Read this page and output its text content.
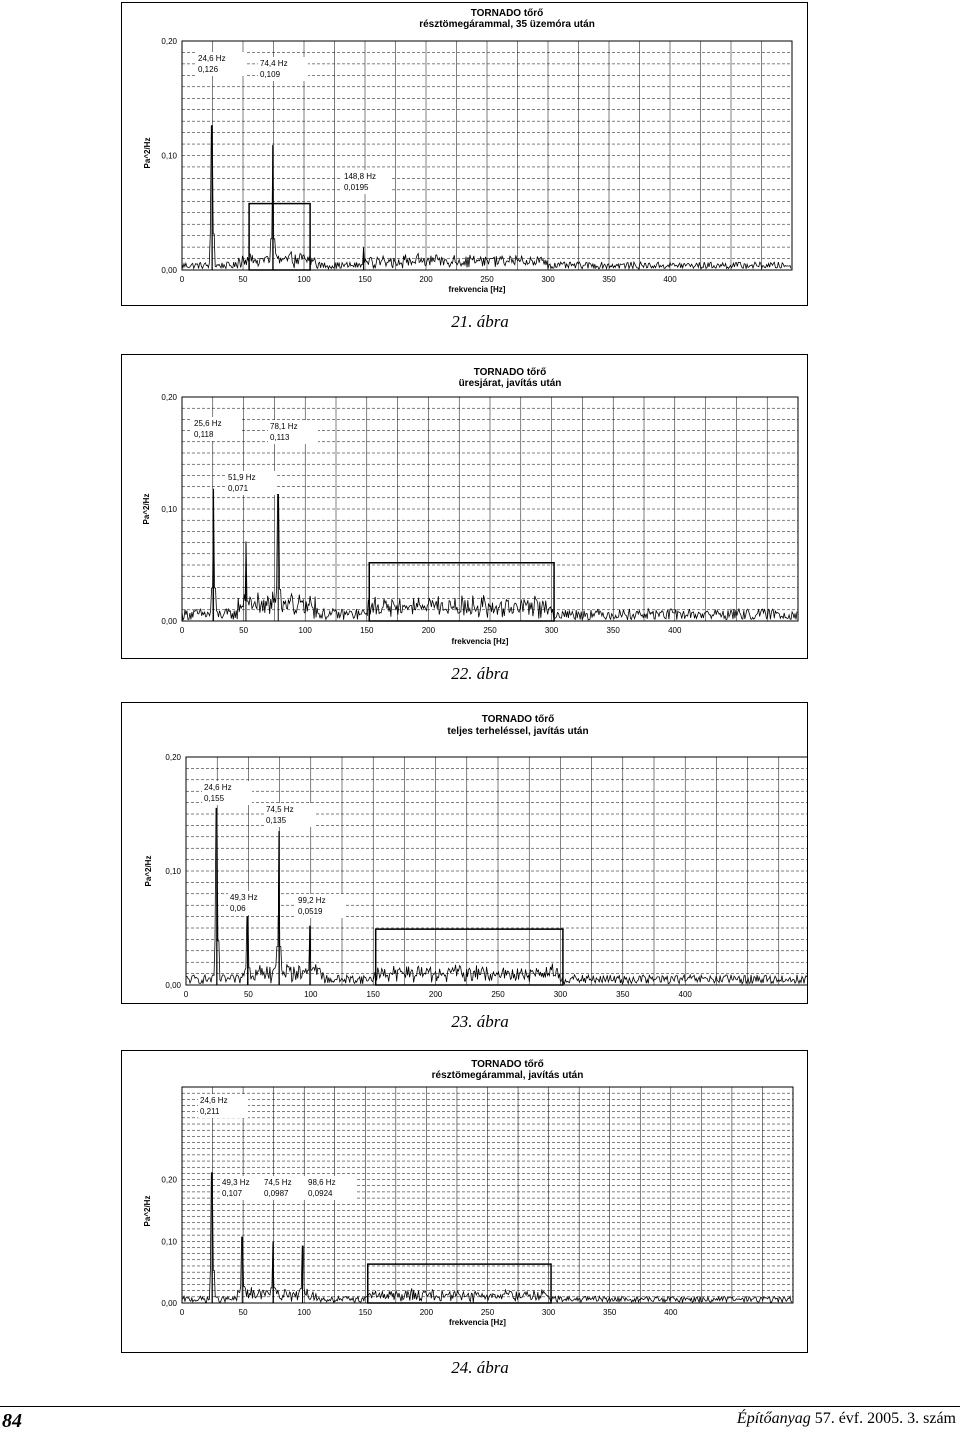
TORNADO tőrő
résztömegárammal, 35 üzemóra után
0,00
0,10
0,20
0	50	100	150	200	250	300	350	400
frekvencia [Hz]
Pa^2/Hz
24,6 Hz
0,126
74,4 Hz
0,109
148,8 Hz
0,0195
21. ábra
TORNADO tőrő
üresjárat, javítás után
0,00
0,10
0,20
0	50	100	150	200	250	300	350	400
frekvencia [Hz]
Pa^2/Hz
25,6 Hz
0,118
78,1 Hz
0,113
51,9 Hz
0,071
22. ábra
TORNADO tőrő
teljes terheléssel, javítás után
0,00
0,10
0,20
0	50	100	150	200	250	300	350	400
Pa^2/Hz
24,6 Hz
0,155
74,5 Hz
0,135
49,3 Hz
0,06
99,2 Hz
0,0519
23. ábra
TORNADO tőrő
résztömegárammal, javítás után
0,00
0,10
0,20
0	50	100	150	200	250	300	350	400
frekvencia [Hz]
Pa^2/Hz
24,6 Hz
0,211
49,3 Hz
0,107
74,5 Hz
0,0987
98,6 Hz
0,0924
24. ábra
84	Építőanyag 57. évf. 2005. 3. szám
